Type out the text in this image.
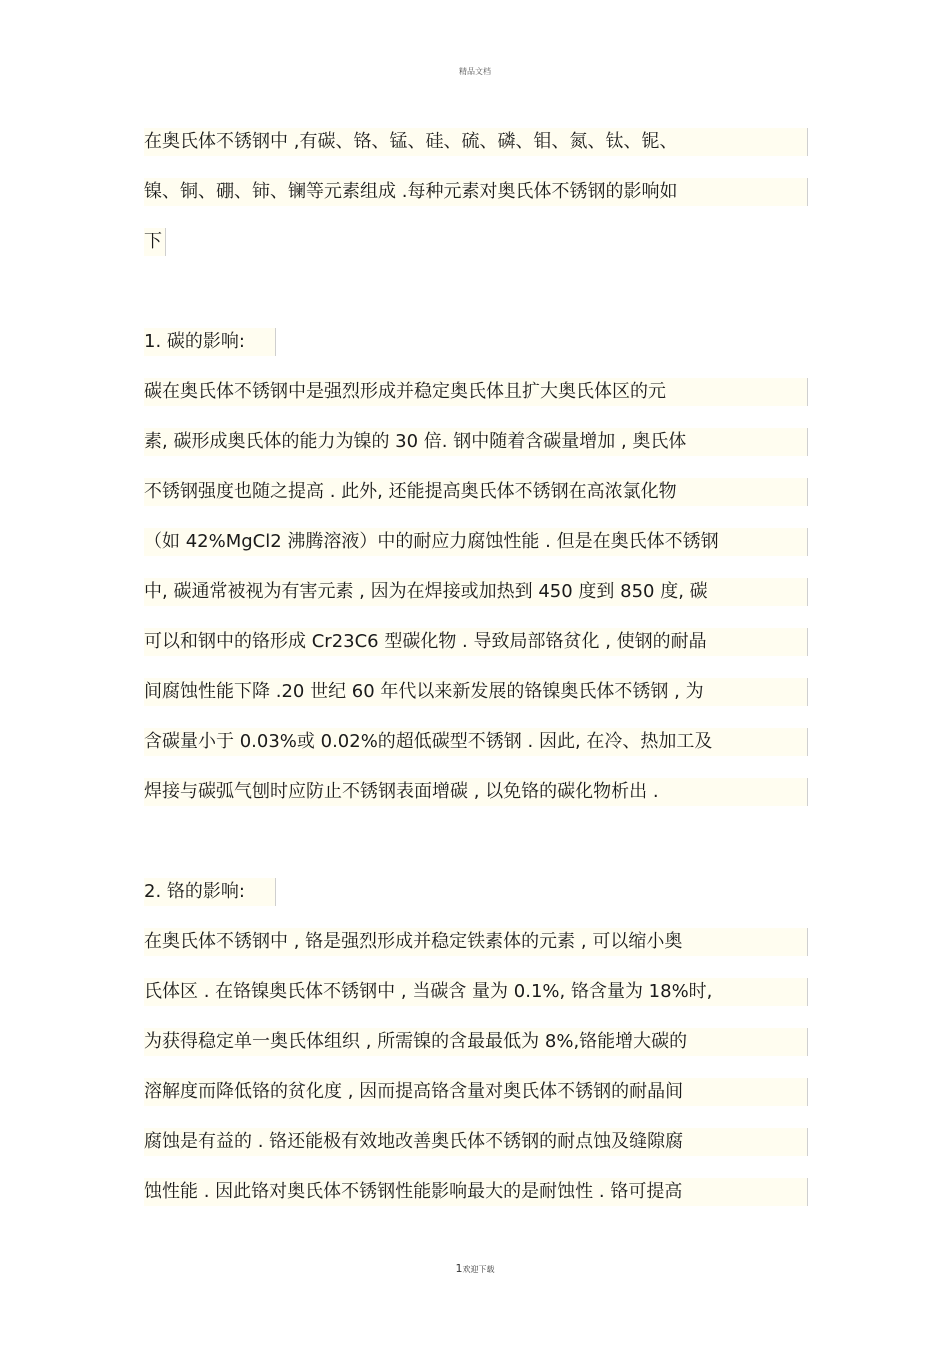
精品文档
在奥氏体不锈钢中 ,有碳、铬、锰、硅、硫、磷、钼、氮、钛、铌、
镍、铜、硼、铈、镧等元素组成 .每种元素对奥氏体不锈钢的影响如
下
1. 碳的影响:
碳在奥氏体不锈钢中是强烈形成并稳定奥氏体且扩大奥氏体区的元
素, 碳形成奥氏体的能力为镍的 30 倍. 钢中随着含碳量增加 , 奥氏体
不锈钢强度也随之提高 . 此外, 还能提高奥氏体不锈钢在高浓氯化物
（如 42%MgCl2 沸腾溶液）中的耐应力腐蚀性能 . 但是在奥氏体不锈钢
中, 碳通常被视为有害元素 , 因为在焊接或加热到 450 度到 850 度, 碳
可以和钢中的铬形成 Cr23C6 型碳化物 . 导致局部铬贫化 , 使钢的耐晶
间腐蚀性能下降 .20 世纪 60 年代以来新发展的铬镍奥氏体不锈钢 , 为
含碳量小于 0.03%或 0.02%的超低碳型不锈钢 . 因此, 在冷、热加工及
焊接与碳弧气刨时应防止不锈钢表面增碳 , 以免铬的碳化物析出 .
2. 铬的影响:
在奥氏体不锈钢中 , 铬是强烈形成并稳定铁素体的元素 , 可以缩小奥
氏体区 . 在铬镍奥氏体不锈钢中 , 当碳含 量为 0.1%, 铬含量为 18%时,
为获得稳定单一奥氏体组织 , 所需镍的含最最低为 8%,铬能增大碳的
溶解度而降低铬的贫化度 , 因而提高铬含量对奥氏体不锈钢的耐晶间
腐蚀是有益的 . 铬还能极有效地改善奥氏体不锈钢的耐点蚀及缝隙腐
蚀性能 . 因此铬对奥氏体不锈钢性能影响最大的是耐蚀性 . 铬可提高
1欢迎下载
